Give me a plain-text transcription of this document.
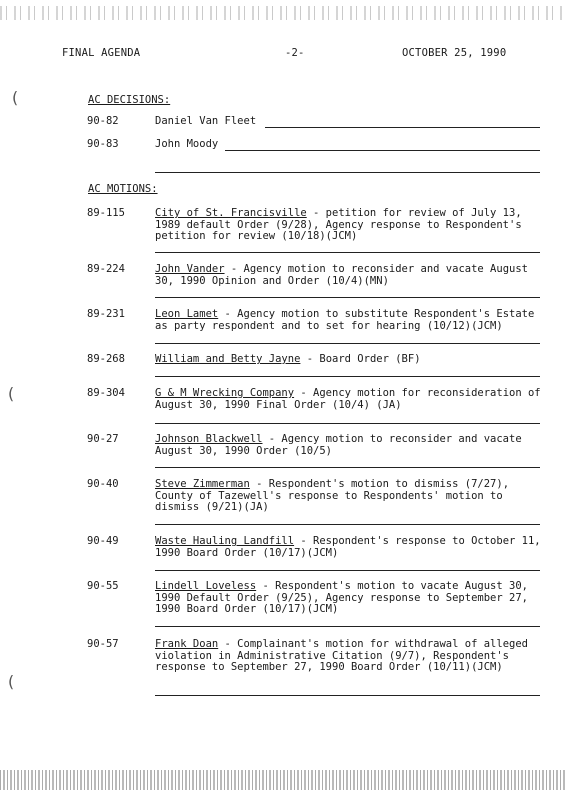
FINAL AGENDA	-2-	OCTOBER 25, 1990
(
(
(
AC DECISIONS:
90-82	Daniel Van Fleet
90-83	John Moody
AC MOTIONS:
89-115	City of St. Francisville - petition for review of July 13, 1989 default Order (9/28), Agency response to Respondent's petition for review (10/18)(JCM)
89-224	John Vander - Agency motion to reconsider and vacate August 30, 1990 Opinion and Order (10/4)(MN)
89-231	Leon Lamet - Agency motion to substitute Respondent's Estate as party respondent and to set for hearing (10/12)(JCM)
89-268	William and Betty Jayne - Board Order (BF)
89-304	G & M Wrecking Company - Agency motion for reconsideration of August 30, 1990 Final Order (10/4) (JA)
90-27	Johnson Blackwell - Agency motion to reconsider and vacate August 30, 1990 Order (10/5)
90-40	Steve Zimmerman - Respondent's motion to dismiss (7/27), County of Tazewell's response to Respondents' motion to dismiss (9/21)(JA)
90-49	Waste Hauling Landfill - Respondent's response to October 11, 1990 Board Order (10/17)(JCM)
90-55	Lindell Loveless - Respondent's motion to vacate August 30, 1990 Default Order (9/25), Agency response to September 27, 1990 Board Order (10/17)(JCM)
90-57	Frank Doan - Complainant's motion for withdrawal of alleged violation in Administrative Citation (9/7), Respondent's response to September 27, 1990 Board Order (10/11)(JCM)
